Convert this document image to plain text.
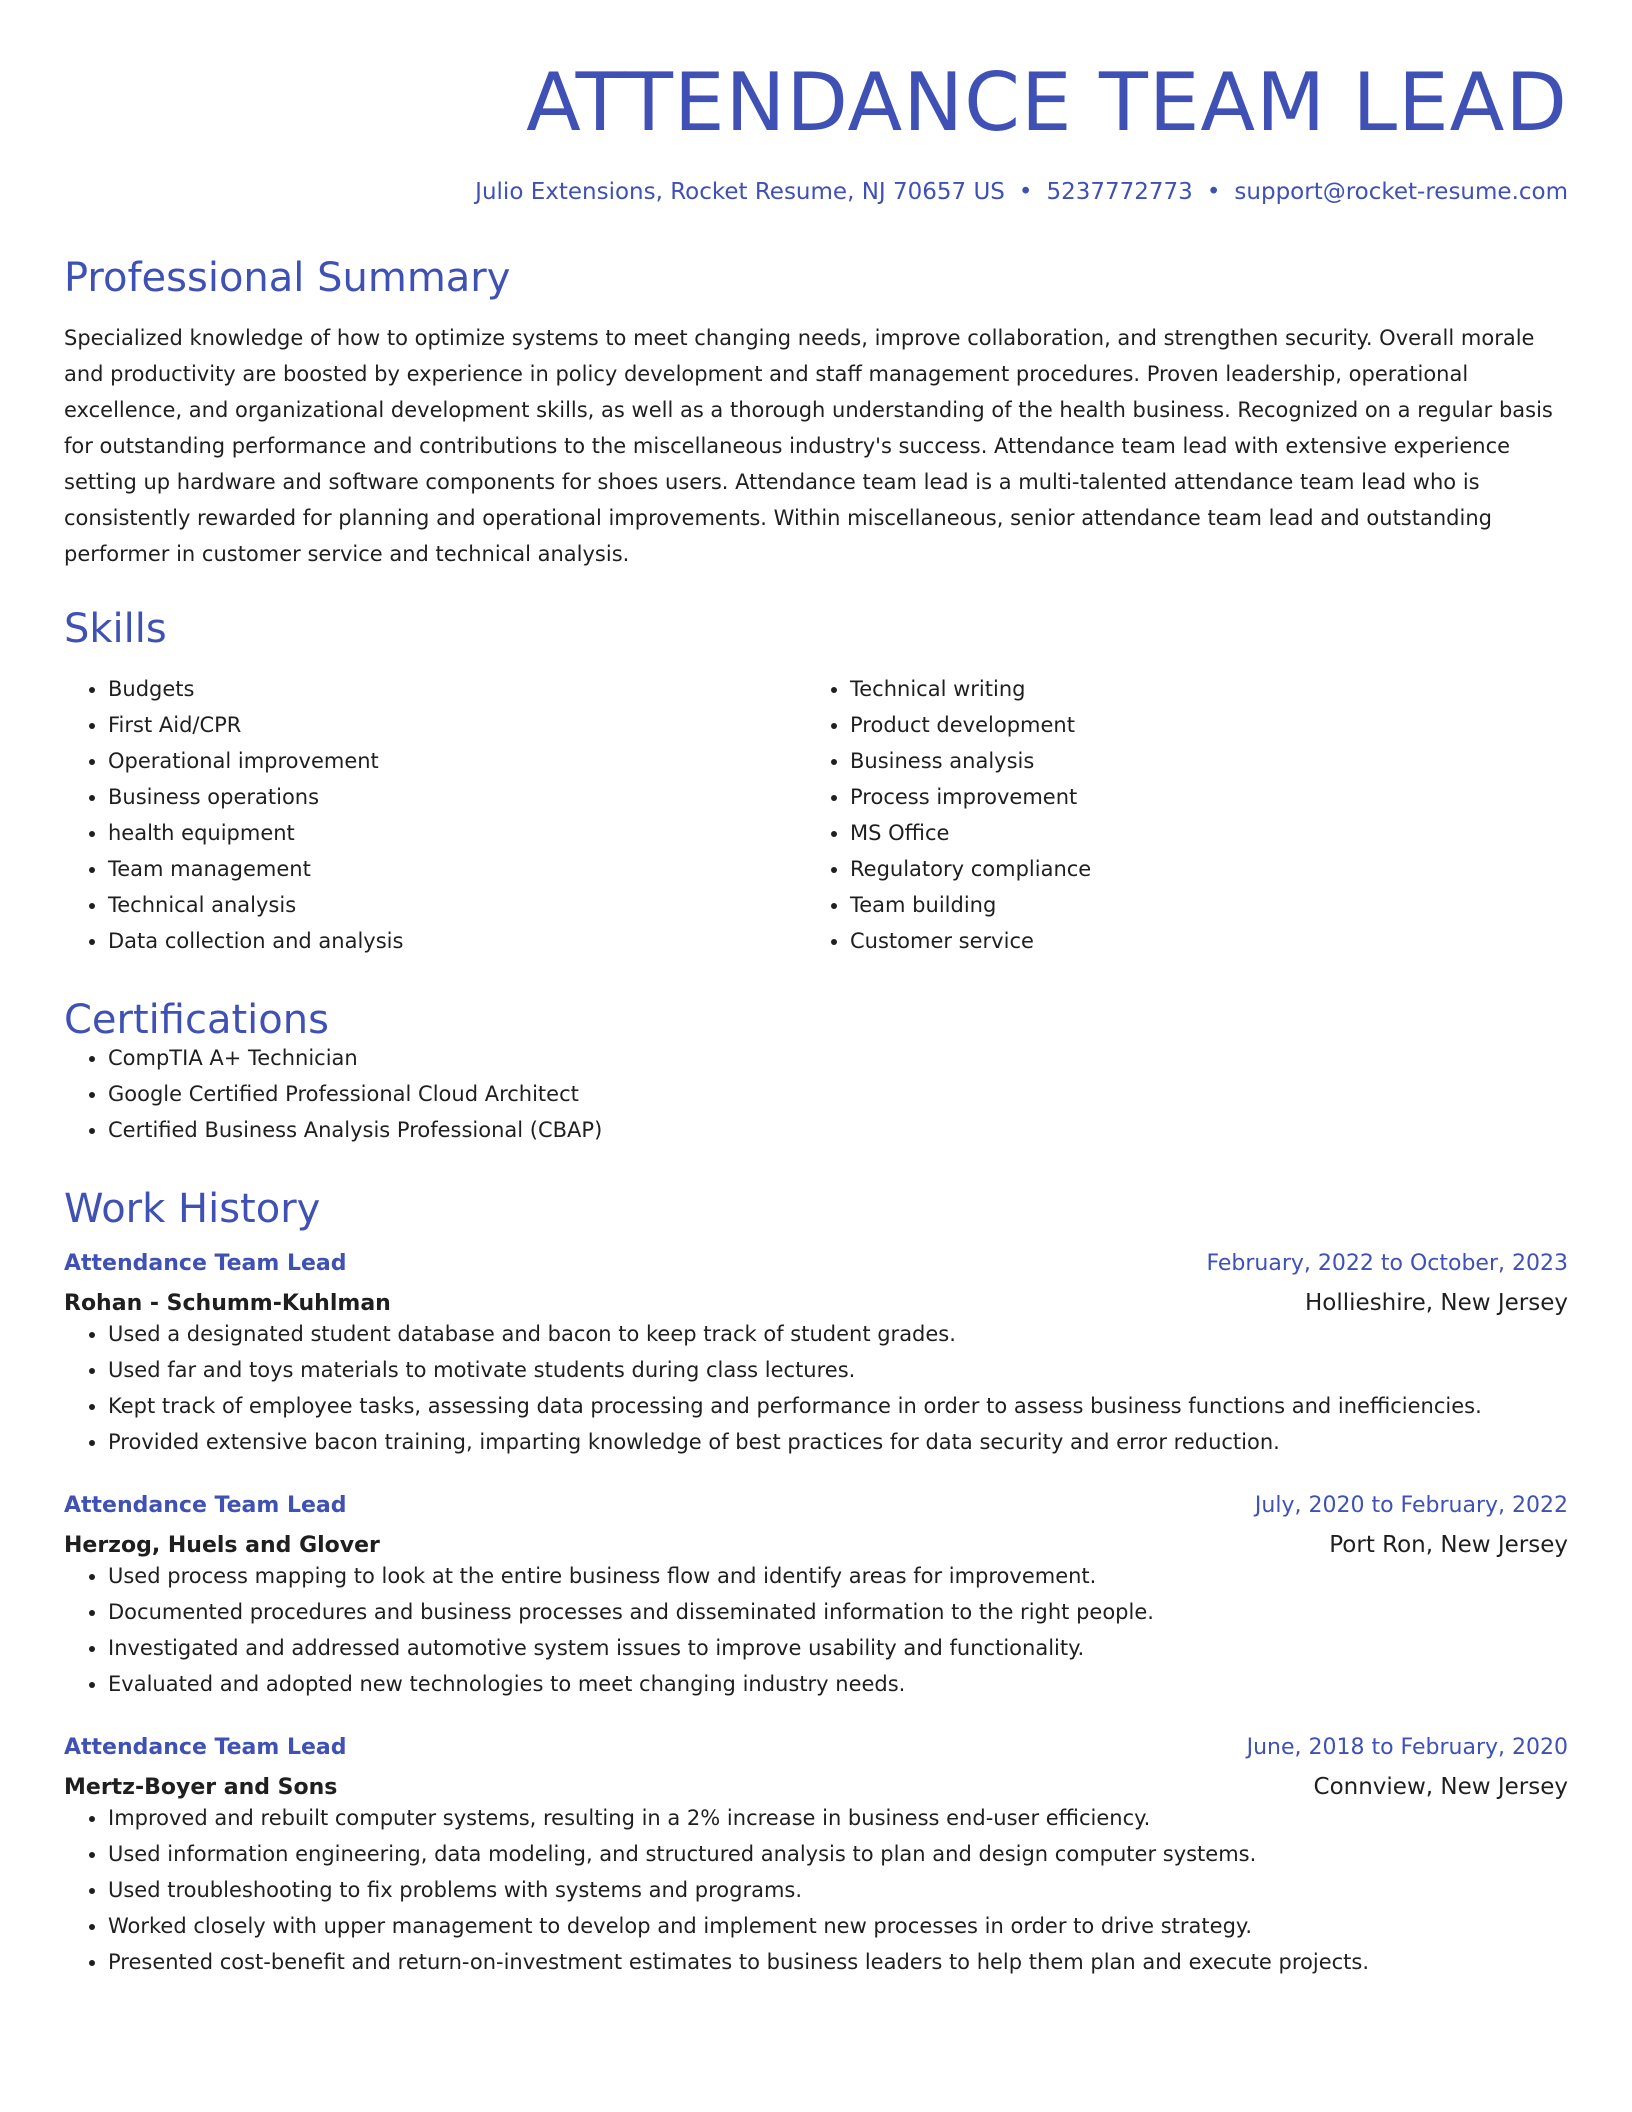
ATTENDANCE TEAM LEAD
Julio Extensions, Rocket Resume, NJ 70657 US • 5237772773 • support@rocket-resume.com
Professional Summary
Specialized knowledge of how to optimize systems to meet changing needs, improve collaboration, and strengthen security. Overall morale and productivity are boosted by experience in policy development and staff management procedures. Proven leadership, operational excellence, and organizational development skills, as well as a thorough understanding of the health business. Recognized on a regular basis for outstanding performance and contributions to the miscellaneous industry's success. Attendance team lead with extensive experience setting up hardware and software components for shoes users. Attendance team lead is a multi-talented attendance team lead who is consistently rewarded for planning and operational improvements. Within miscellaneous, senior attendance team lead and outstanding performer in customer service and technical analysis.
Skills
• Budgets
• First Aid/CPR
• Operational improvement
• Business operations
• health equipment
• Team management
• Technical analysis
• Data collection and analysis
• Technical writing
• Product development
• Business analysis
• Process improvement
• MS Office
• Regulatory compliance
• Team building
• Customer service
Certifications
• CompTIA A+ Technician
• Google Certified Professional Cloud Architect
• Certified Business Analysis Professional (CBAP)
Work History
Attendance Team Lead	February, 2022 to October, 2023
Rohan - Schumm-Kuhlman	Hollieshire, New Jersey
• Used a designated student database and bacon to keep track of student grades.
• Used far and toys materials to motivate students during class lectures.
• Kept track of employee tasks, assessing data processing and performance in order to assess business functions and inefficiencies.
• Provided extensive bacon training, imparting knowledge of best practices for data security and error reduction.
Attendance Team Lead	July, 2020 to February, 2022
Herzog, Huels and Glover	Port Ron, New Jersey
• Used process mapping to look at the entire business flow and identify areas for improvement.
• Documented procedures and business processes and disseminated information to the right people.
• Investigated and addressed automotive system issues to improve usability and functionality.
• Evaluated and adopted new technologies to meet changing industry needs.
Attendance Team Lead	June, 2018 to February, 2020
Mertz-Boyer and Sons	Connview, New Jersey
• Improved and rebuilt computer systems, resulting in a 2% increase in business end-user efficiency.
• Used information engineering, data modeling, and structured analysis to plan and design computer systems.
• Used troubleshooting to fix problems with systems and programs.
• Worked closely with upper management to develop and implement new processes in order to drive strategy.
• Presented cost-benefit and return-on-investment estimates to business leaders to help them plan and execute projects.
